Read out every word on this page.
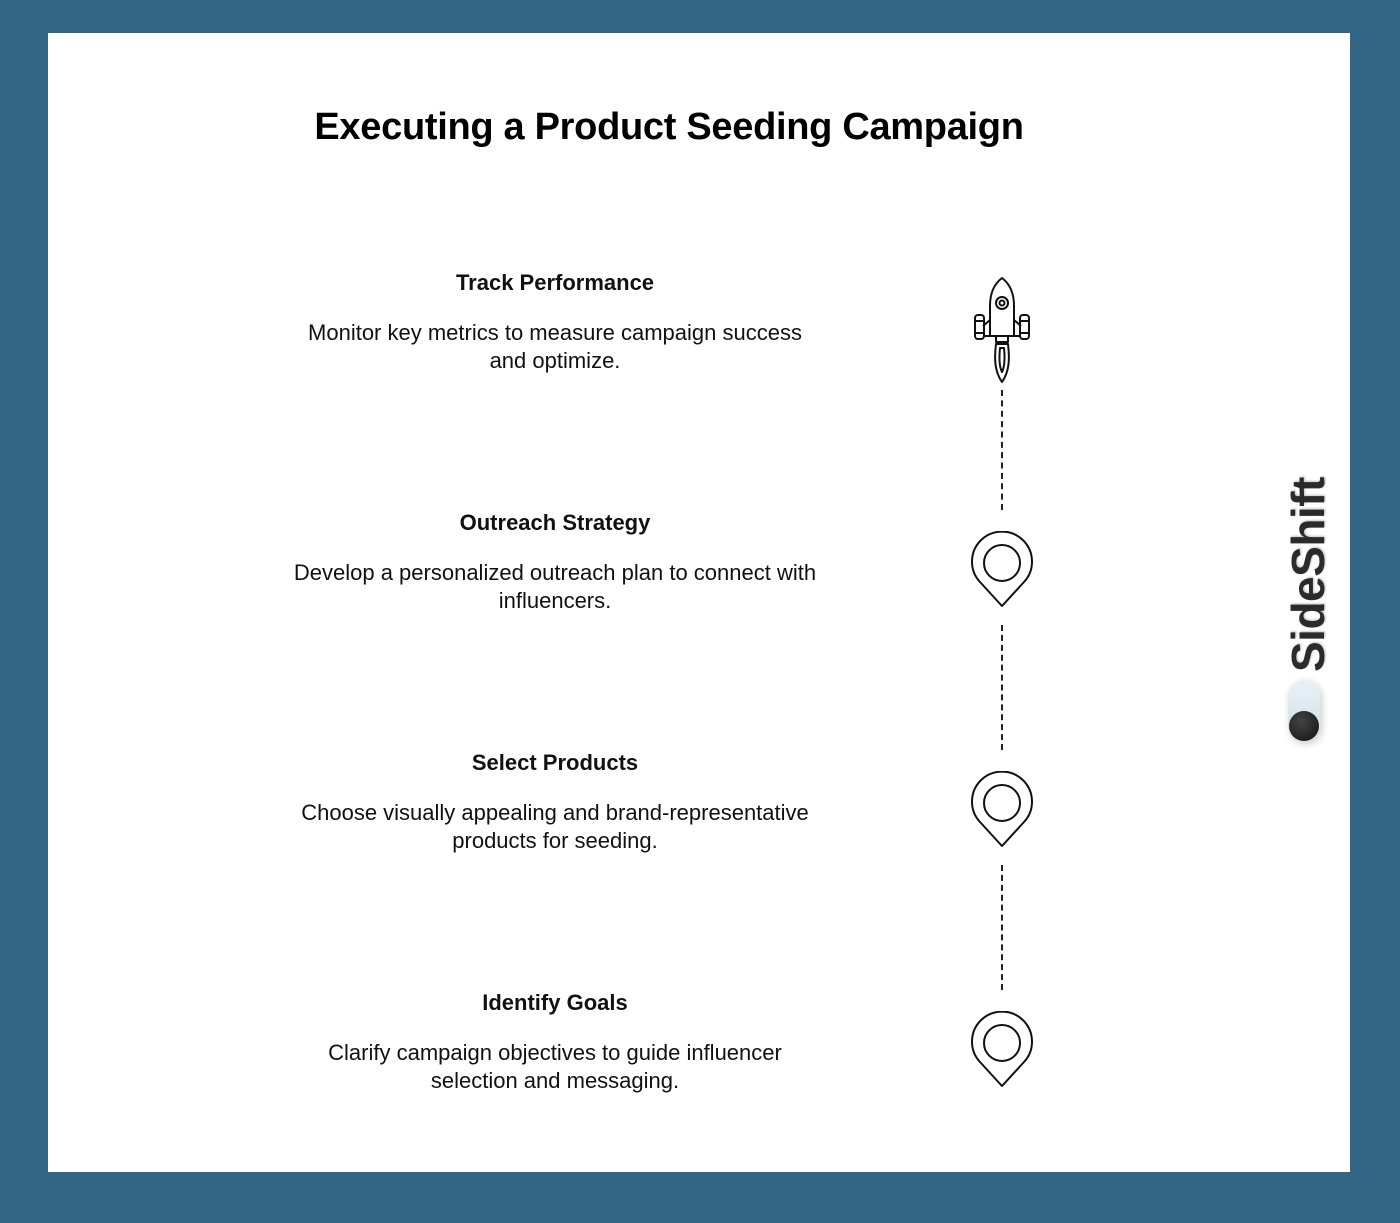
Executing a Product Seeding Campaign
Track Performance
Monitor key metrics to measure campaign success
and optimize.
Outreach Strategy
Develop a personalized outreach plan to connect with
influencers.
Select Products
Choose visually appealing and brand-representative
products for seeding.
Identify Goals
Clarify campaign objectives to guide influencer
selection and messaging.
SideShift
